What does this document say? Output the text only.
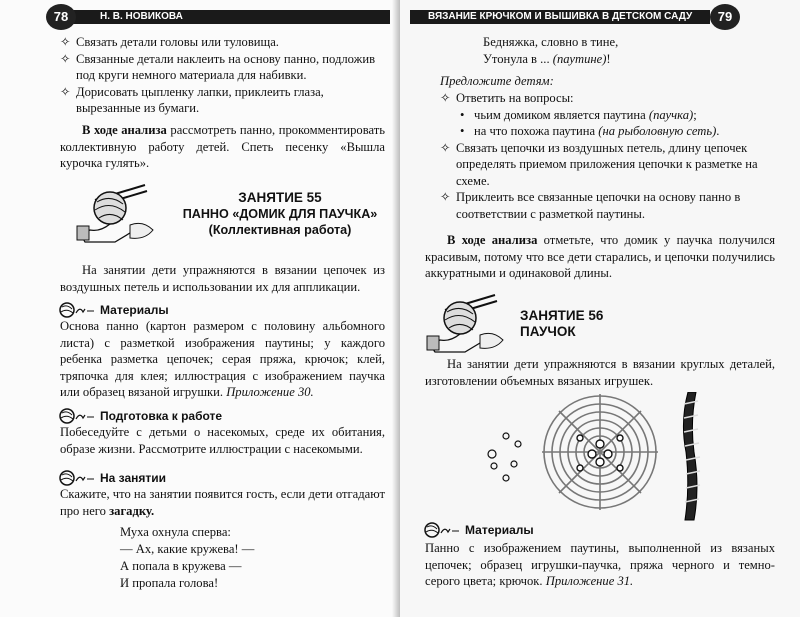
Н. В. НОВИКОВА
78
✧ Связать детали головы или туловища.
✧ Связанные детали наклеить на основу панно, подложив под круги немного материала для набивки.
✧ Дорисовать цыпленку лапки, приклеить глаза, вырезанные из бумаги.
В ходе анализа рассмотреть панно, прокомментировать коллективную работу детей. Спеть песенку «Вышла курочка гулять».
ЗАНЯТИЕ 55
ПАННО «ДОМИК ДЛЯ ПАУЧКА»
(Коллективная работа)
На занятии дети упражняются в вязании цепочек из воздушных петель и использовании их для аппликации.
Материалы
Основа панно (картон размером с половину альбомного листа) с разметкой изображения паутины; у каждого ребенка разметка цепочек; серая пряжа, крючок; клей, тряпочка для клея; иллюстрация с изображением паучка или образец вязаной игрушки. Приложение 30.
Подготовка к работе
Побеседуйте с детьми о насекомых, среде их обитания, образе жизни. Рассмотрите иллюстрации с насекомыми.
На занятии
Скажите, что на занятии появится гость, если дети отгадают про него загадку.
Муха охнула сперва:
— Ах, какие кружева! —
А попала в кружева —
И пропала голова!
ВЯЗАНИЕ КРЮЧКОМ И ВЫШИВКА В ДЕТСКОМ САДУ	79
Бедняжка, словно в тине,
Утонула в ... (паутине)!
Предложите детям:
✧ Ответить на вопросы:
• чьим домиком является паутина (паучка);
• на что похожа паутина (на рыболовную сеть).
✧ Связать цепочки из воздушных петель, длину цепочек определять приемом приложения цепочки к разметке на схеме.
✧ Приклеить все связанные цепочки на основу панно в соответствии с разметкой паутины.
В ходе анализа отметьте, что домик у паучка получился красивым, потому что все дети старались, и цепочки получились аккуратными и одинаковой длины.
ЗАНЯТИЕ 56
ПАУЧОК
На занятии дети упражняются в вязании круглых деталей, изготовлении объемных вязаных игрушек.
Материалы
Панно с изображением паутины, выполненной из вязаных цепочек; образец игрушки-паучка, пряжа черного и темно-серого цвета; крючок. Приложение 31.
